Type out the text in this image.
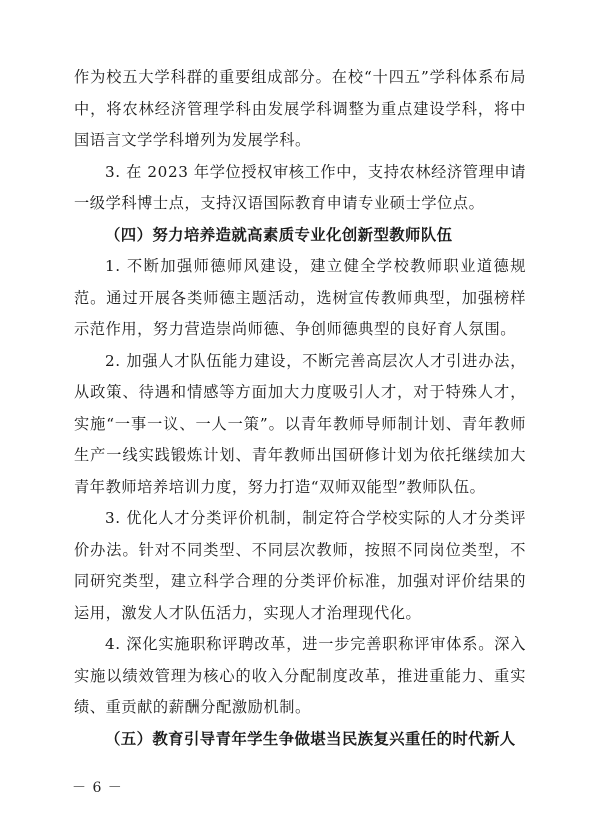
作为校五大学科群的重要组成部分。在校“十四五”学科体系布局中，将农林经济管理学科由发展学科调整为重点建设学科，将中国语言文学学科增列为发展学科。

3. 在 2023 年学位授权审核工作中，支持农林经济管理申请一级学科博士点，支持汉语国际教育申请专业硕士学位点。

（四）努力培养造就高素质专业化创新型教师队伍

1. 不断加强师德师风建设，建立健全学校教师职业道德规范。通过开展各类师德主题活动，选树宣传教师典型，加强榜样示范作用，努力营造崇尚师德、争创师德典型的良好育人氛围。

2. 加强人才队伍能力建设，不断完善高层次人才引进办法，从政策、待遇和情感等方面加大力度吸引人才，对于特殊人才，实施“一事一议、一人一策”。以青年教师导师制计划、青年教师生产一线实践锻炼计划、青年教师出国研修计划为依托继续加大青年教师培养培训力度，努力打造“双师双能型”教师队伍。

3. 优化人才分类评价机制，制定符合学校实际的人才分类评价办法。针对不同类型、不同层次教师，按照不同岗位类型，不同研究类型，建立科学合理的分类评价标准，加强对评价结果的运用，激发人才队伍活力，实现人才治理现代化。

4. 深化实施职称评聘改革，进一步完善职称评审体系。深入实施以绩效管理为核心的收入分配制度改革，推进重能力、重实绩、重贡献的薪酬分配激励机制。

（五）教育引导青年学生争做堪当民族复兴重任的时代新人

－ 6 －
